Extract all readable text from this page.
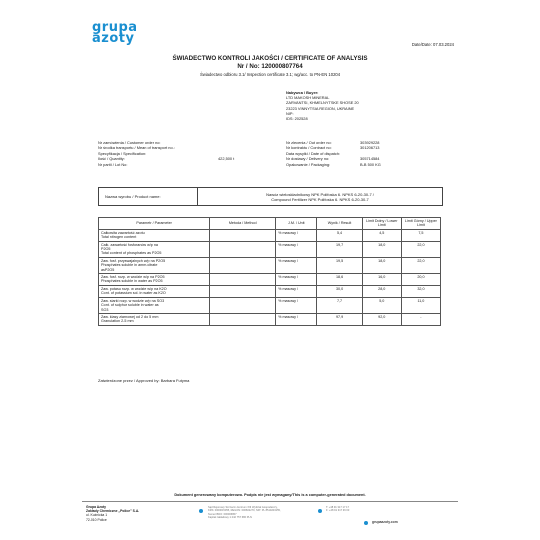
grupa
azoty	Date/Date: 07.03.2024
ŚWIADECTWO KONTROLI JAKOŚCI / CERTIFICATE OF ANALYSIS
Nr / No: 120000807764
Świadectwo odbioru 3.1/ Inspection certificate 3.1; wg/acc. to PN-EN 10204
Nabywca / Buyer:
LTD MAKOSH MINERAL
ZARVANTSI, KHMELNYTSKE SHOSE 20
23223 VINNYTSIA REGION, UKRAINE
NIP:
IDS: 202528
Nr zamówienia / Customer order no:
Nr środka transportu / Mean of transport no.:
Specyfikacja / Specification:
Ilość / Quantity:	422,500 t
Nr partii / Lot No:
Nr zlecenia / Out order no:	303929228
Nr kontraktu / Contract no:	301206713
Data wysyłki / Date of dispatch:
Nr dostawy / Delivery no:	305714584
Opakowanie / Packaging:	B-B 500 KG
Nazwa wyrobu / Product name:	Nawóz wieloskładnikowy NPK Polifoska 6. NPKS 6-20-30-7 /
Compound Fertilizer NPK Polifoska 6. NPKS 6-20-30-7
Parametr / Parameter	Metoda / Method	J.M. / Unit	Wynik / Result	Limit Dolny / Lower Limit	Limit Górny / Upper Limit

Całkowita zawartość azotu
Total nitrogen content		% masowy /	5,4	4,5	7,5

Całk. zawartość fosforanów w/p na
P2O5
Total content of phosphates as P2O5		% masowy /	19,7	18,0	22,0

Zaw. fosf. przyswajalnych w/p na P2O5
Phosphates soluble in amm.citrate
asP2O5		% masowy /	19,5	18,0	22,0

Zaw. fosf. rozp. w wodzie w/p na P2O5
Phosphates soluble in water as P2O5		% masowy /	18,6	16,0	20,0

Zaw. potasu rozp. w wodzie w/p na K2O
Cont. of potassium sol. in water as K2O		% masowy /	30,0	28,0	32,0

Zaw. siarki rozp. w wodzie w/p na SO3
Cont. of sulphur soluble in water as
SO3		% masowy /	7,7	5,0	11,0

Zaw. klasy ziarnowej od 2 do 5 mm
Granulation 2-5 mm		% masowy /	97,9	92,0	-
Zatwierdzone przez / Approved by: Barbara Futyma
Dokument generowany komputerowo. Podpis nie jest wymagany/This is a computer-generated document.
Grupa Azoty
Zakłady Chemiczne „Police" S.A.
ul. Kuźnicka 1
72-010 Police
Sąd Rejonowy Szczecin-Centrum XIII Wydział Gospodarczy,
KRS: 0000015055, REGON: 000602270, NIP: PL 8510203155,
Numer BDO: 000006867
Kapitał zakładowy 1 242 757 680 PLN
T: +48 91 317 17 17
F: +48 91 317 36 03
grupaazoty.com
